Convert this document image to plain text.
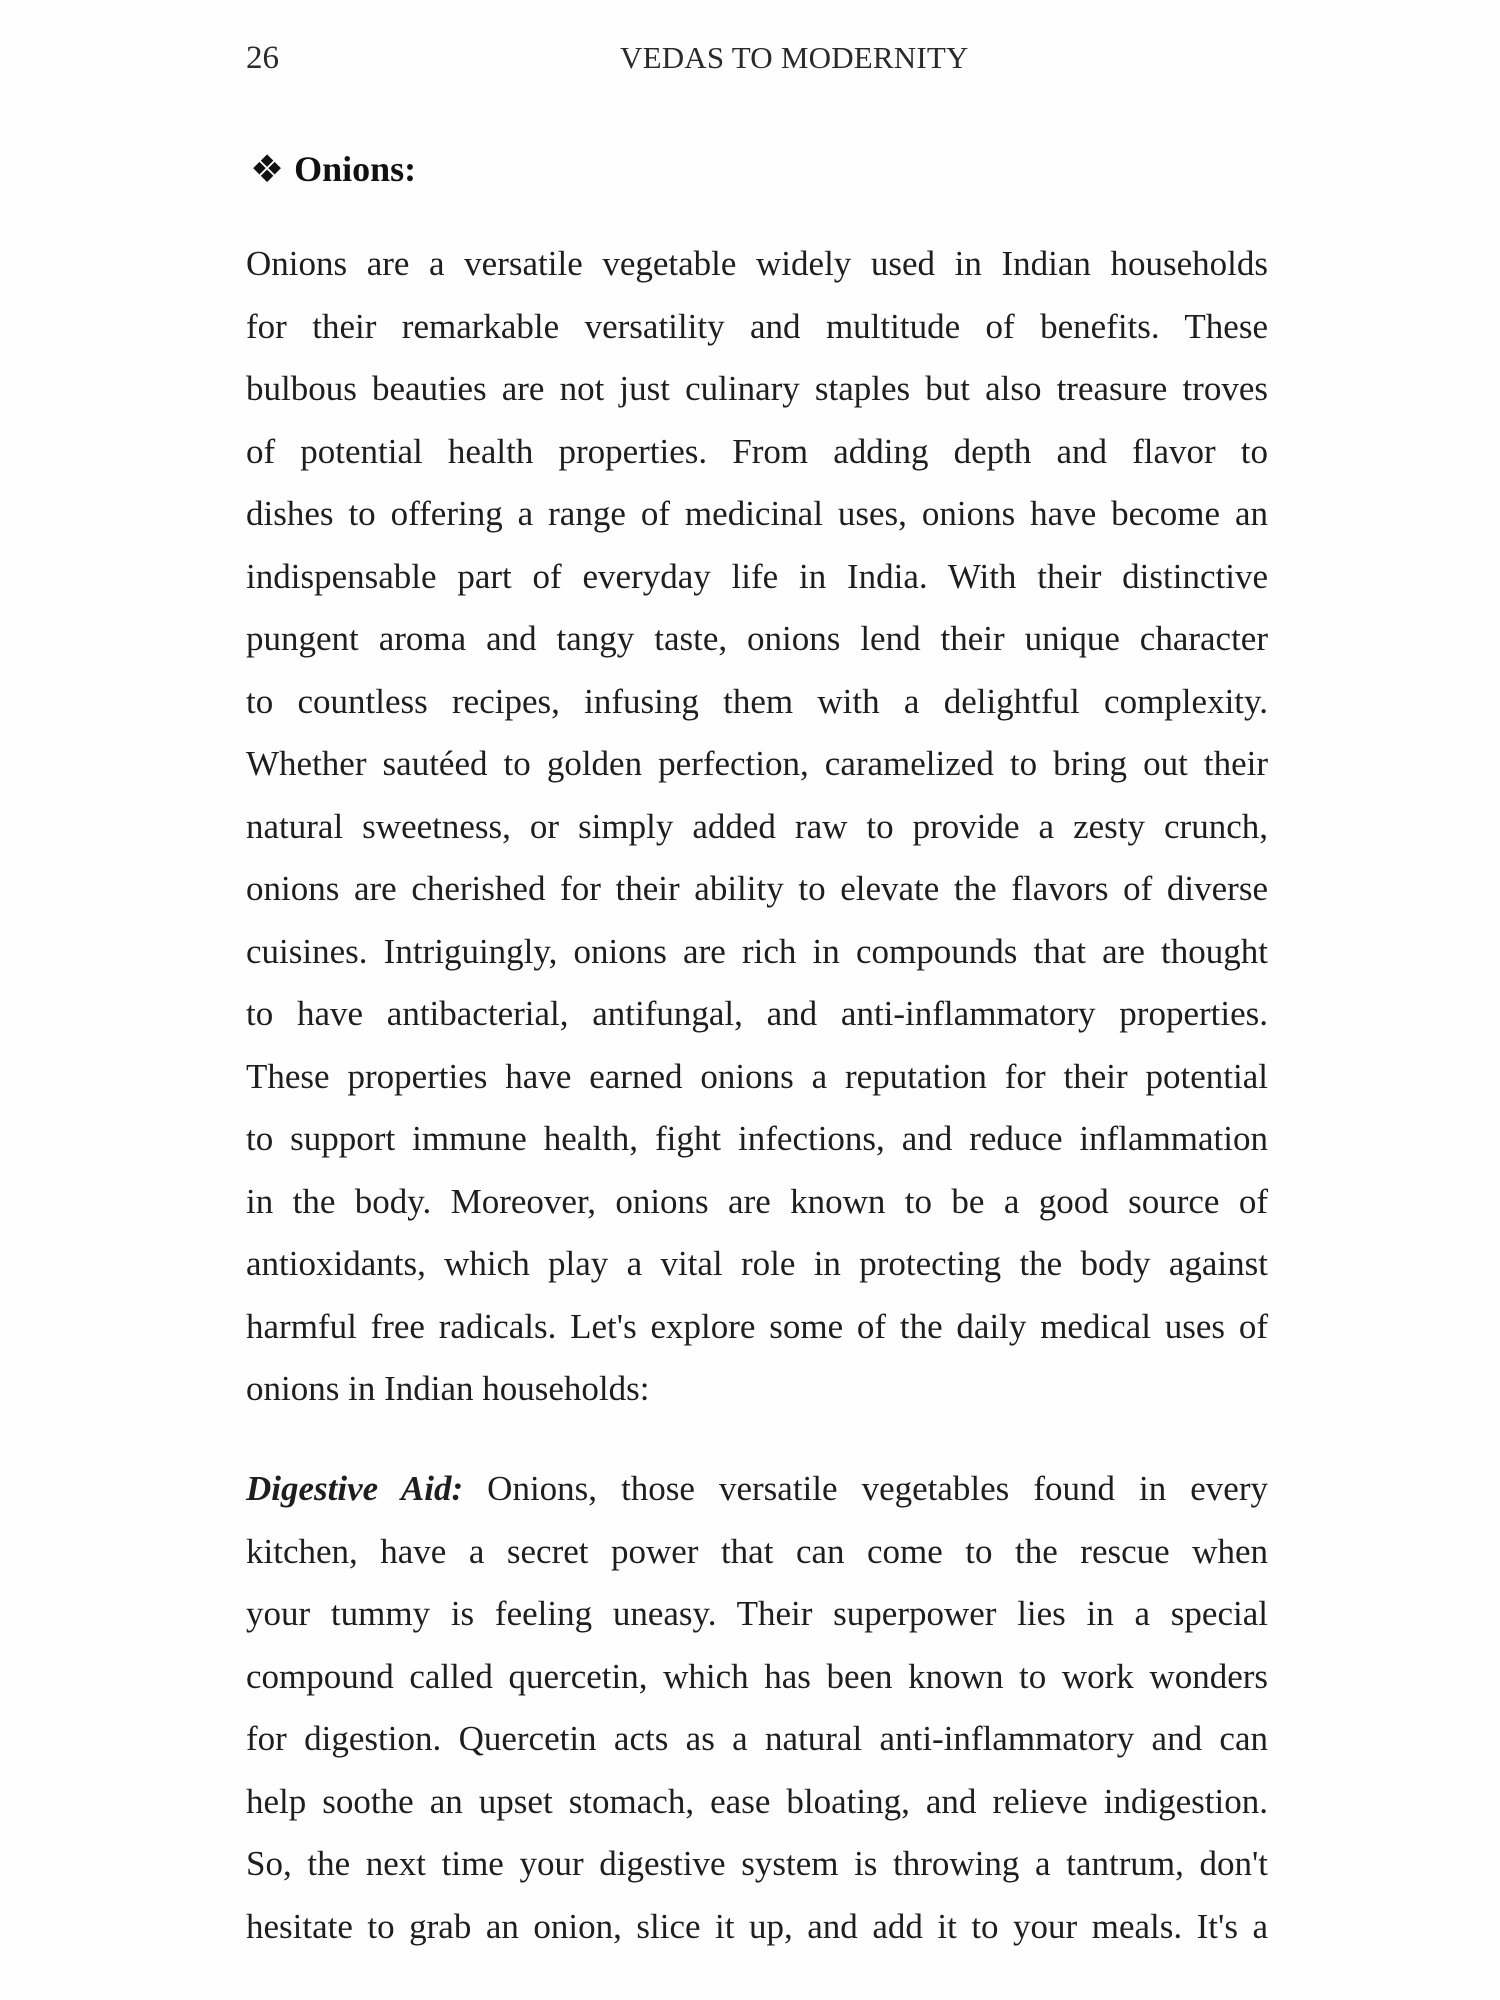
26	VEDAS TO MODERNITY
❖ Onions:
Onions are a versatile vegetable widely used in Indian households
for their remarkable versatility and multitude of benefits. These
bulbous beauties are not just culinary staples but also treasure troves
of potential health properties. From adding depth and flavor to
dishes to offering a range of medicinal uses, onions have become an
indispensable part of everyday life in India. With their distinctive
pungent aroma and tangy taste, onions lend their unique character
to countless recipes, infusing them with a delightful complexity.
Whether sautéed to golden perfection, caramelized to bring out their
natural sweetness, or simply added raw to provide a zesty crunch,
onions are cherished for their ability to elevate the flavors of diverse
cuisines. Intriguingly, onions are rich in compounds that are thought
to have antibacterial, antifungal, and anti-inflammatory properties.
These properties have earned onions a reputation for their potential
to support immune health, fight infections, and reduce inflammation
in the body. Moreover, onions are known to be a good source of
antioxidants, which play a vital role in protecting the body against
harmful free radicals. Let's explore some of the daily medical uses of
onions in Indian households:
Digestive Aid: Onions, those versatile vegetables found in every
kitchen, have a secret power that can come to the rescue when
your tummy is feeling uneasy. Their superpower lies in a special
compound called quercetin, which has been known to work wonders
for digestion. Quercetin acts as a natural anti-inflammatory and can
help soothe an upset stomach, ease bloating, and relieve indigestion.
So, the next time your digestive system is throwing a tantrum, don't
hesitate to grab an onion, slice it up, and add it to your meals. It's a
